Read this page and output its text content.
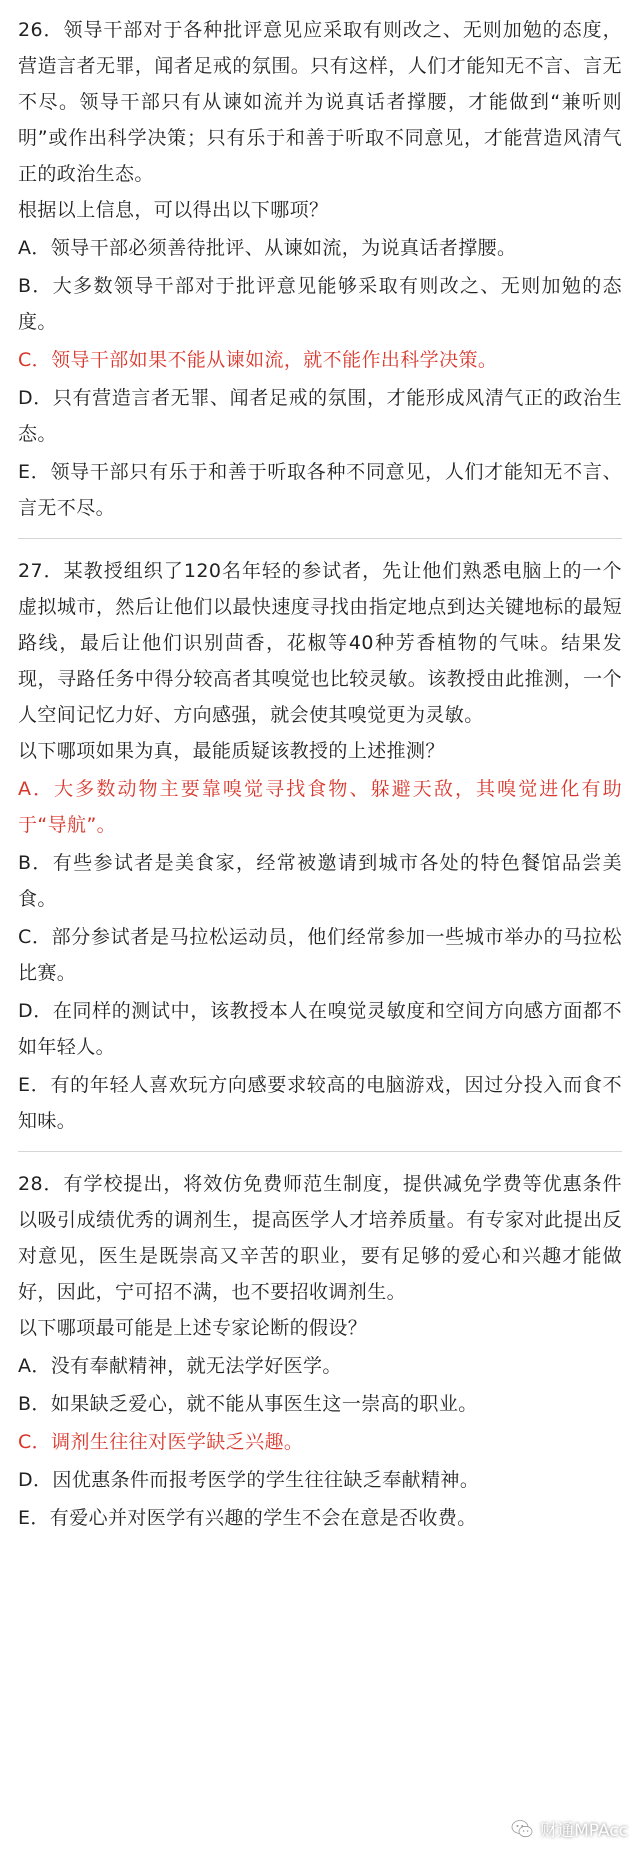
26．领导干部对于各种批评意见应采取有则改之、无则加勉的态度，营造言者无罪，闻者足戒的氛围。只有这样，人们才能知无不言、言无不尽。领导干部只有从谏如流并为说真话者撑腰，才能做到“兼听则明”或作出科学决策；只有乐于和善于听取不同意见，才能营造风清气正的政治生态。

根据以上信息，可以得出以下哪项？

A．领导干部必须善待批评、从谏如流，为说真话者撑腰。

B．大多数领导干部对于批评意见能够采取有则改之、无则加勉的态度。

C．领导干部如果不能从谏如流，就不能作出科学决策。

D．只有营造言者无罪、闻者足戒的氛围，才能形成风清气正的政治生态。

E．领导干部只有乐于和善于听取各种不同意见，人们才能知无不言、言无不尽。

27．某教授组织了120名年轻的参试者，先让他们熟悉电脑上的一个虚拟城市，然后让他们以最快速度寻找由指定地点到达关键地标的最短路线，最后让他们识别茴香，花椒等40种芳香植物的气味。结果发现，寻路任务中得分较高者其嗅觉也比较灵敏。该教授由此推测，一个人空间记忆力好、方向感强，就会使其嗅觉更为灵敏。

以下哪项如果为真，最能质疑该教授的上述推测？

A．大多数动物主要靠嗅觉寻找食物、躲避天敌，其嗅觉进化有助于“导航”。

B．有些参试者是美食家，经常被邀请到城市各处的特色餐馆品尝美食。

C．部分参试者是马拉松运动员，他们经常参加一些城市举办的马拉松比赛。

D．在同样的测试中，该教授本人在嗅觉灵敏度和空间方向感方面都不如年轻人。

E．有的年轻人喜欢玩方向感要求较高的电脑游戏，因过分投入而食不知味。

28．有学校提出，将效仿免费师范生制度，提供减免学费等优惠条件以吸引成绩优秀的调剂生，提高医学人才培养质量。有专家对此提出反对意见，医生是既崇高又辛苦的职业，要有足够的爱心和兴趣才能做好，因此，宁可招不满，也不要招收调剂生。

以下哪项最可能是上述专家论断的假设？

A．没有奉献精神，就无法学好医学。

B．如果缺乏爱心，就不能从事医生这一崇高的职业。

C．调剂生往往对医学缺乏兴趣。

D．因优惠条件而报考医学的学生往往缺乏奉献精神。

E．有爱心并对医学有兴趣的学生不会在意是否收费。

财通MPAcc
